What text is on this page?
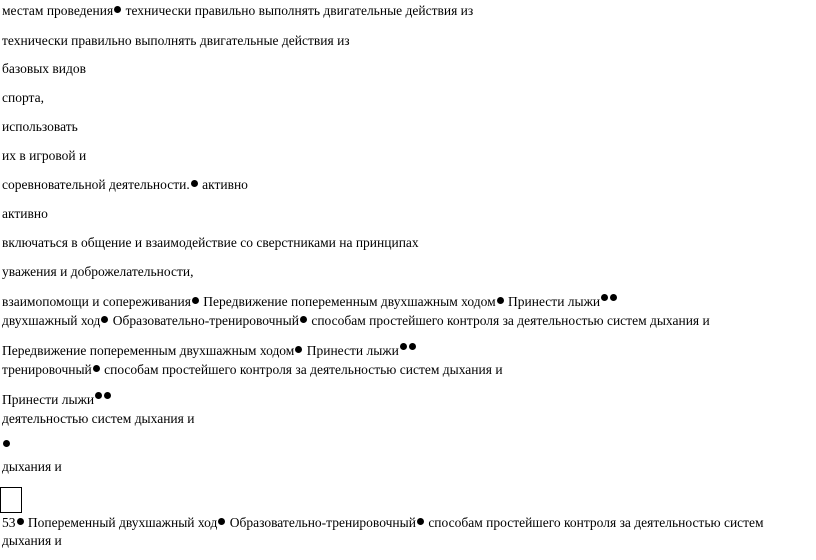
местам проведения технически правильно выполнять двигательные действия из
технически правильно выполнять двигательные действия из
базовых видов
спорта,
использовать
их в игровой и
соревновательной деятельности. активно
активно
включаться в общение и взаимодействие со сверстниками на принципах
уважения и доброжелательности,
взаимопомощи и сопереживания Передвижение попеременным двухшажным ходом Принести лыжи
двухшажный ход Образовательно-тренировочный способам простейшего контроля за деятельностью систем дыхания и
Передвижение попеременным двухшажным ходом Принести лыжи
тренировочный способам простейшего контроля за деятельностью систем дыхания и
Принести лыжи
деятельностью систем дыхания и
дыхания и
53 Попеременный двухшажный ход Образовательно-тренировочный способам простейшего контроля за деятельностью систем
дыхания и
